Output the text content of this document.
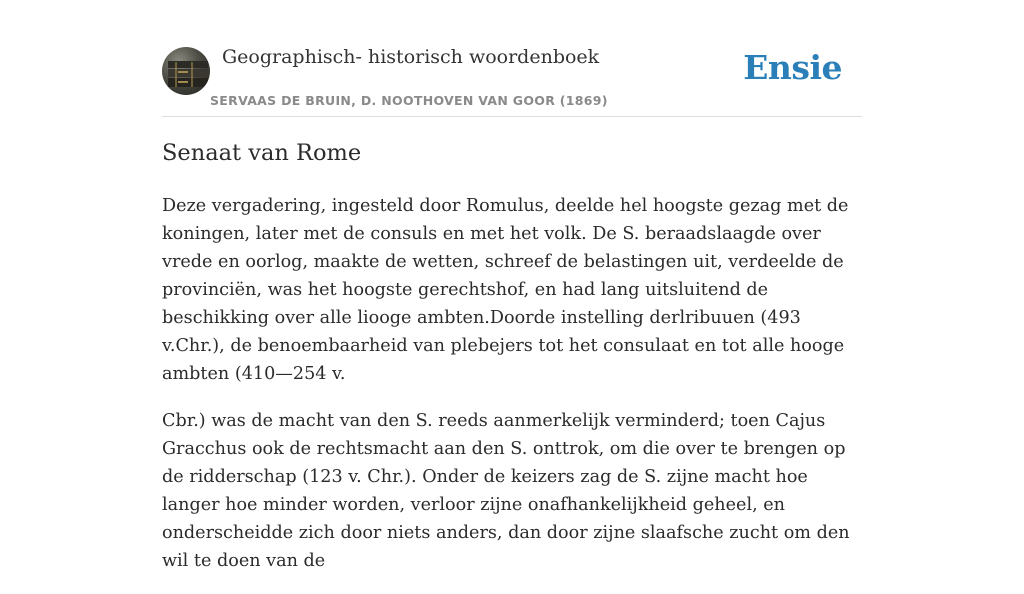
Geographisch- historisch woordenboek
SERVAAS DE BRUIN, D. NOOTHOVEN VAN GOOR (1869)
Ensie
Senaat van Rome

Deze vergadering, ingesteld door Romulus, deelde hel hoogste gezag met de koningen, later met de consuls en met het volk. De S. beraadslaagde over vrede en oorlog, maakte de wetten, schreef de belastingen uit, verdeelde de provinciën, was het hoogste gerechtshof, en had lang uitsluitend de beschikking over alle liooge ambten.Doorde instelling derlribuuen (493 v.Chr.), de benoembaarheid van plebejers tot het consulaat en tot alle hooge ambten (410—254 v.

Cbr.) was de macht van den S. reeds aanmerkelijk verminderd; toen Cajus Gracchus ook de rechtsmacht aan den S. onttrok, om die over te brengen op de ridderschap (123 v. Chr.). Onder de keizers zag de S. zijne macht hoe langer hoe minder worden, verloor zijne onafhankelijkheid geheel, en onderscheidde zich door niets anders, dan door zijne slaafsche zucht om den wil te doen van de
